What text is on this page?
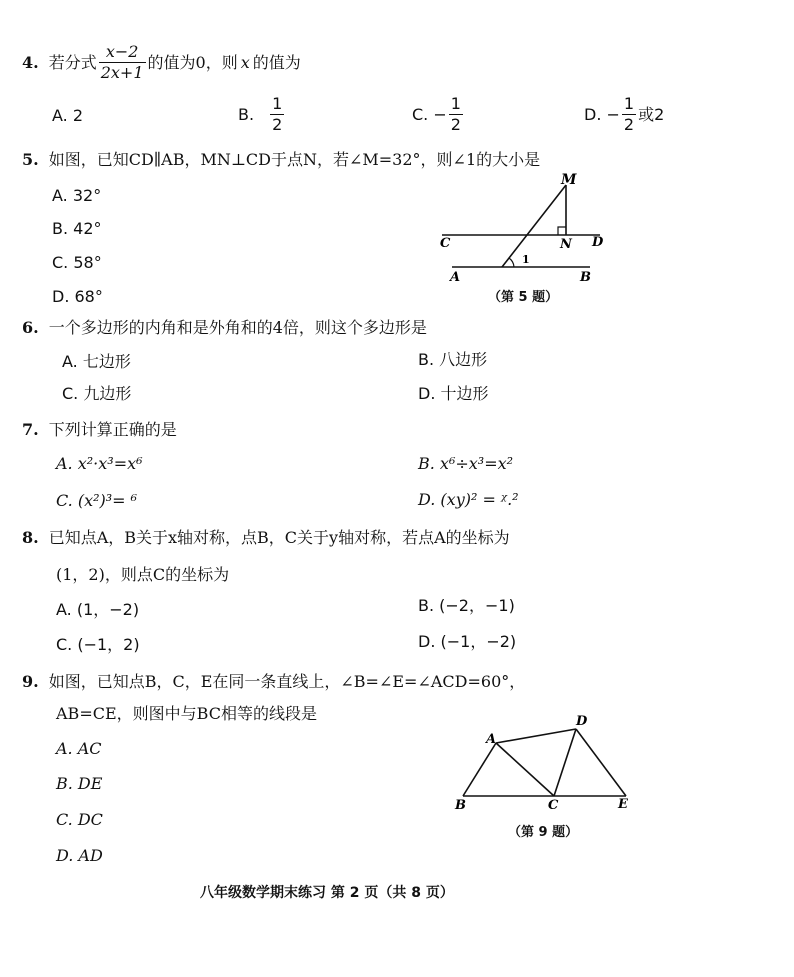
4. 若分式 $\frac{x-2}{2x+1}$ 的值为0，则 x 的值为
A. 2	B. $\frac{1}{2}$	C. − $\frac{1}{2}$	D. − $\frac{1}{2}$ 或2
5. 如图，已知CD∥AB，MN⊥CD于点N，若∠M=32°，则∠1的大小是
A. 32°
B. 42°
C. 58°
D. 68°
M
N
C	D
A	B
1
（第 5 题）
6. 一个多边形的内角和是外角和的4倍，则这个多边形是
A. 七边形	B. 八边形
C. 九边形	D. 十边形
7. 下列计算正确的是
A. x²·x³=x⁶	B. x⁶÷x³=x²
C. (x²)³= ⁶	D. (xy)² = ᵡ.²
8. 已知点A，B关于x轴对称，点B，C关于y轴对称，若点A的坐标为
(1，2)，则点C的坐标为
A. (1，−2)	B. (−2，−1)
C. (−1，2)	D. (−1，−2)
9. 如图，已知点B，C，E在同一条直线上，∠B=∠E=∠ACD=60°，
AB=CE，则图中与BC相等的线段是
A. AC
B. DE
C. DC
D. AD
A
B	C
D
E
（第 9 题）
八年级数学期末练习 第 2 页（共 8 页）
